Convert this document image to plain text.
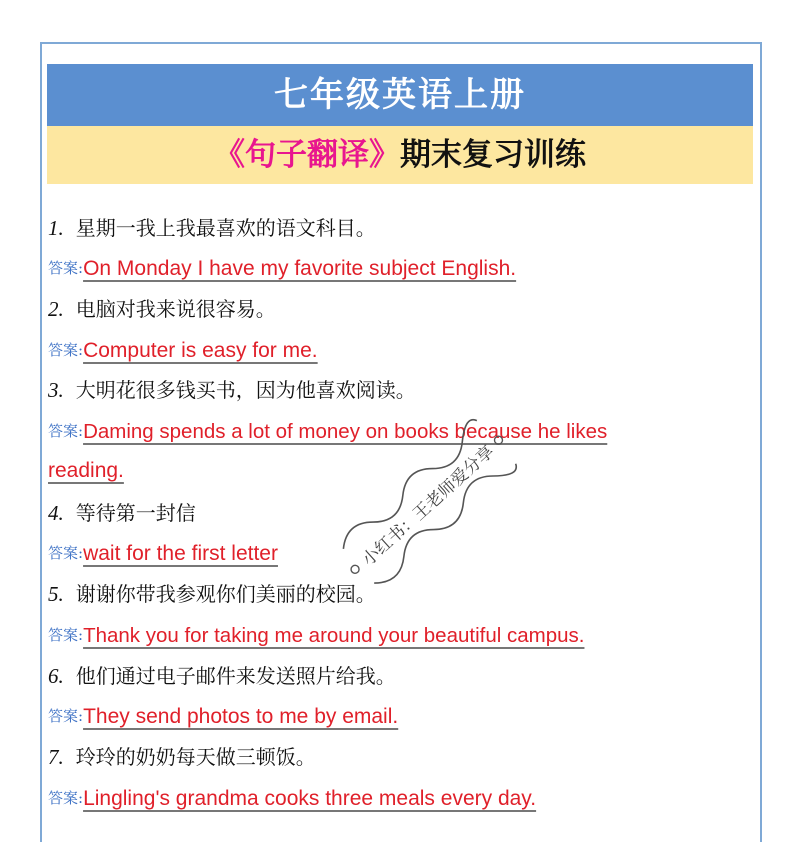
七年级英语上册
《句子翻译》期末复习训练
1. 星期一我上我最喜欢的语文科目。
答案:On Monday I have my favorite subject English.
2. 电脑对我来说很容易。
答案:Computer is easy for me.
3. 大明花很多钱买书，因为他喜欢阅读。
答案:Daming spends a lot of money on books because he likes
reading.
4. 等待第一封信
答案:wait for the first letter
5. 谢谢你带我参观你们美丽的校园。
答案:Thank you for taking me around your beautiful campus.
6. 他们通过电子邮件来发送照片给我。
答案:They send photos to me by email.
7. 玲玲的奶奶每天做三顿饭。
答案:Lingling's grandma cooks three meals every day.
小红书：王老师爱分享
